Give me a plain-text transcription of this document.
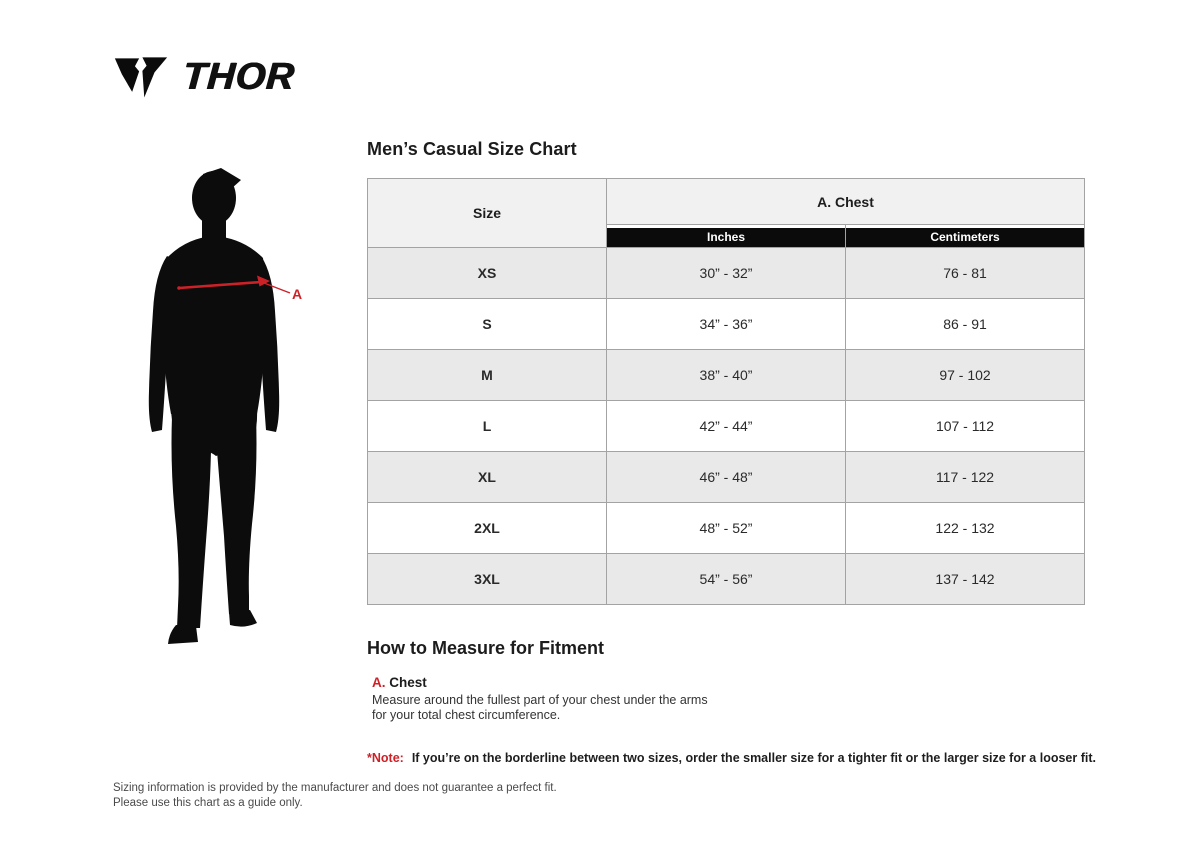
THOR
A
Men’s Casual Size Chart
Size	A. Chest	

	Inches	Centimeters

XS	30” - 32”	76 - 81
S	34” - 36”	86 - 91
M	38” - 40”	97 - 102
L	42” - 44”	107 - 112
XL	46” - 48”	117 - 122
2XL	48” - 52”	122 - 132
3XL	54” - 56”	137 - 142
How to Measure for Fitment
A. Chest

Measure around the fullest part of your chest under the arms for your total chest circumference.

*Note: If you’re on the borderline between two sizes, order the smaller size for a tighter fit or the larger size for a looser fit.

Sizing information is provided by the manufacturer and does not guarantee a perfect fit.
Please use this chart as a guide only.
